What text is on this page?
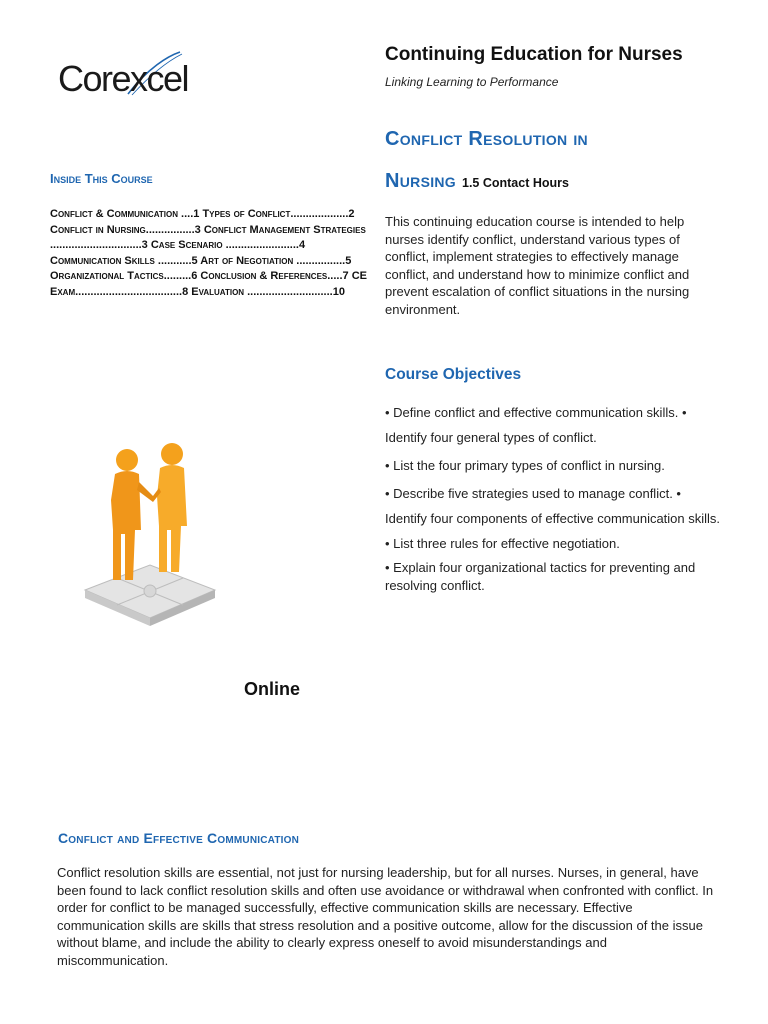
Corexcel
Continuing Education for Nurses
Linking Learning to Performance
Conflict Resolution in
Nursing 1.5 Contact Hours
This continuing education course is intended to help nurses identify conflict, understand various types of conflict, implement strategies to effectively manage conflict, and understand how to minimize conflict and prevent escalation of conflict situations in the nursing environment.
Course Objectives

• Define conflict and effective communication skills. • Identify four general types of conflict.

• List the four primary types of conflict in nursing.

• Describe five strategies used to manage conflict. • Identify four components of effective communication skills. • List three rules for effective negotiation.

• Explain four organizational tactics for preventing and resolving conflict.

Inside This Course
Conflict & Communication ....1 Types of Conflict...................2 Conflict in Nursing................3 Conflict Management Strategies ..............................3 Case Scenario ........................4 Communication Skills ...........5 Art of Negotiation ................5 Organizational Tactics.........6 Conclusion & References.....7 CE Exam...................................8 Evaluation ............................10
Online
Conflict and Effective Communication
Conflict resolution skills are essential, not just for nursing leadership, but for all nurses. Nurses, in general, have been found to lack conflict resolution skills and often use avoidance or withdrawal when confronted with conflict. In order for conflict to be managed successfully, effective communication skills are necessary. Effective communication skills are skills that stress resolution and a positive outcome, allow for the discussion of the issue without blame, and include the ability to clearly express oneself to avoid misunderstandings and miscommunication.
